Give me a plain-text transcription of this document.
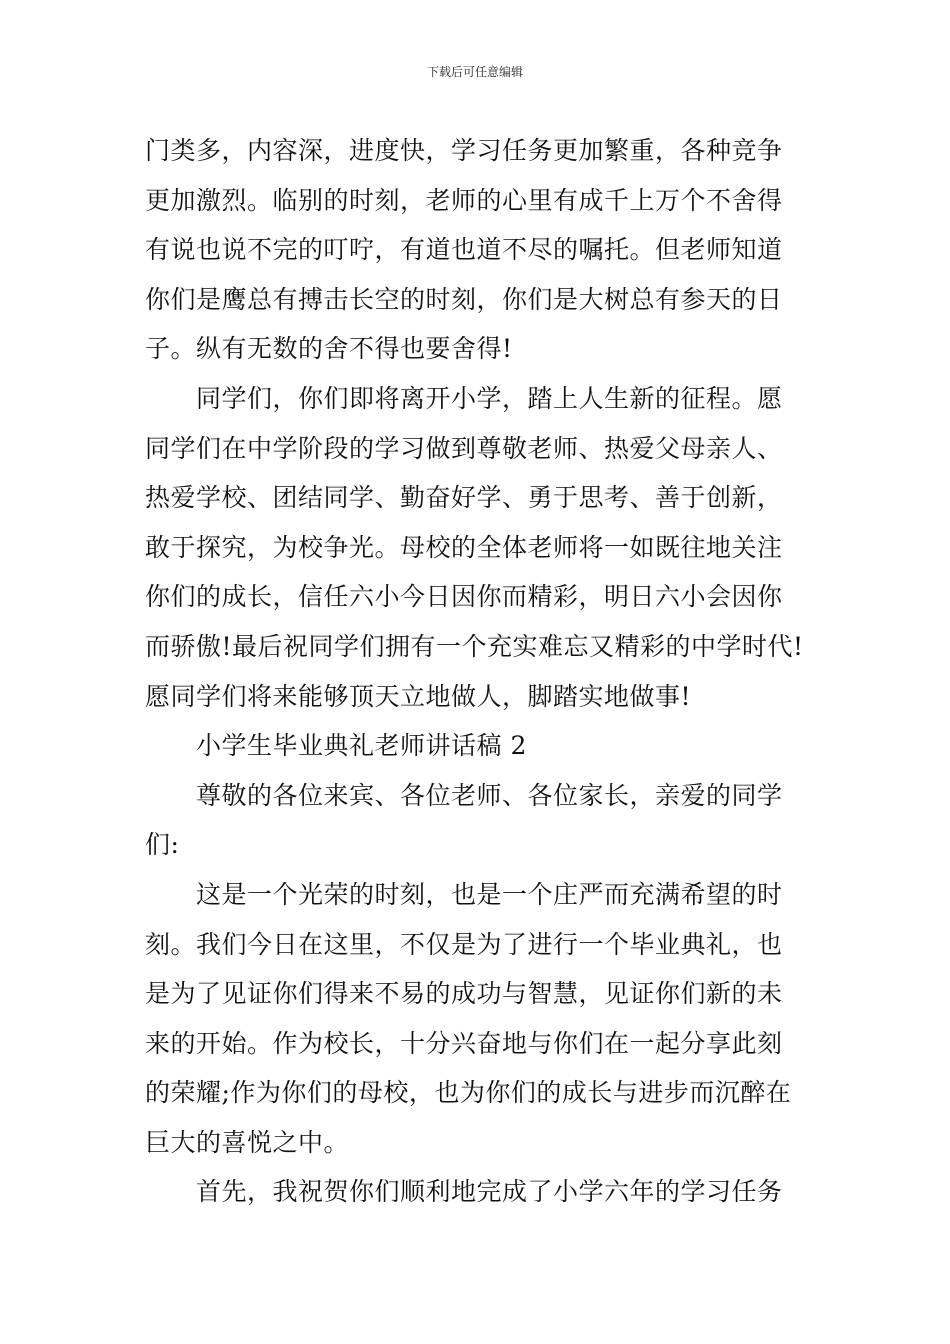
下载后可任意编辑
门类多，内容深，进度快，学习任务更加繁重，各种竞争
更加激烈。临别的时刻，老师的心里有成千上万个不舍得
有说也说不完的叮咛，有道也道不尽的嘱托。但老师知道
你们是鹰总有搏击长空的时刻，你们是大树总有参天的日
子。纵有无数的舍不得也要舍得!
同学们，你们即将离开小学，踏上人生新的征程。愿
同学们在中学阶段的学习做到尊敬老师、热爱父母亲人、
热爱学校、团结同学、勤奋好学、勇于思考、善于创新，
敢于探究，为校争光。母校的全体老师将一如既往地关注
你们的成长，信任六小今日因你而精彩，明日六小会因你
而骄傲!最后祝同学们拥有一个充实难忘又精彩的中学时代!
愿同学们将来能够顶天立地做人，脚踏实地做事!
小学生毕业典礼老师讲话稿 2
尊敬的各位来宾、各位老师、各位家长，亲爱的同学
们:
这是一个光荣的时刻，也是一个庄严而充满希望的时
刻。我们今日在这里，不仅是为了进行一个毕业典礼，也
是为了见证你们得来不易的成功与智慧，见证你们新的未
来的开始。作为校长，十分兴奋地与你们在一起分享此刻
的荣耀;作为你们的母校，也为你们的成长与进步而沉醉在
巨大的喜悦之中。
首先，我祝贺你们顺利地完成了小学六年的学习任务
